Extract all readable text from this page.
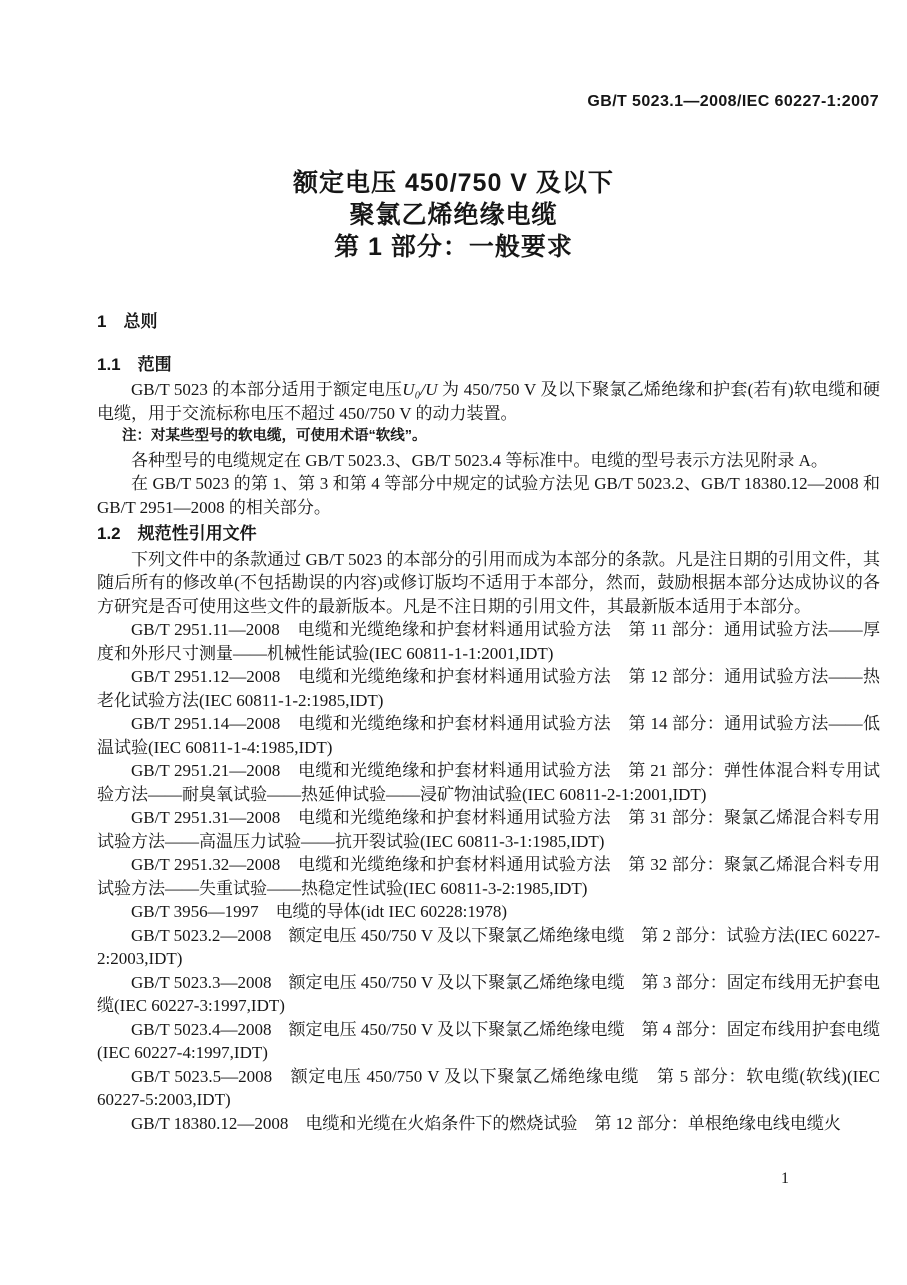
GB/T 5023.1—2008/IEC 60227-1:2007
额定电压 450/750 V 及以下
聚氯乙烯绝缘电缆
第 1 部分：一般要求

1　总则

1.1　范围

GB/T 5023 的本部分适用于额定电压U₀/U 为 450/750 V 及以下聚氯乙烯绝缘和护套(若有)软电缆和硬电缆，用于交流标称电压不超过 450/750 V 的动力装置。

注：对某些型号的软电缆，可使用术语“软线”。

各种型号的电缆规定在 GB/T 5023.3、GB/T 5023.4 等标准中。电缆的型号表示方法见附录 A。

在 GB/T 5023 的第 1、第 3 和第 4 等部分中规定的试验方法见 GB/T 5023.2、GB/T 18380.12—2008 和 GB/T 2951—2008 的相关部分。

1.2　规范性引用文件

下列文件中的条款通过 GB/T 5023 的本部分的引用而成为本部分的条款。凡是注日期的引用文件，其随后所有的修改单(不包括勘误的内容)或修订版均不适用于本部分，然而，鼓励根据本部分达成协议的各方研究是否可使用这些文件的最新版本。凡是不注日期的引用文件，其最新版本适用于本部分。

GB/T 2951.11—2008　电缆和光缆绝缘和护套材料通用试验方法　第 11 部分：通用试验方法——厚度和外形尺寸测量——机械性能试验(IEC 60811-1-1:2001,IDT)

GB/T 2951.12—2008　电缆和光缆绝缘和护套材料通用试验方法　第 12 部分：通用试验方法——热老化试验方法(IEC 60811-1-2:1985,IDT)

GB/T 2951.14—2008　电缆和光缆绝缘和护套材料通用试验方法　第 14 部分：通用试验方法——低温试验(IEC 60811-1-4:1985,IDT)

GB/T 2951.21—2008　电缆和光缆绝缘和护套材料通用试验方法　第 21 部分：弹性体混合料专用试验方法——耐臭氧试验——热延伸试验——浸矿物油试验(IEC 60811-2-1:2001,IDT)

GB/T 2951.31—2008　电缆和光缆绝缘和护套材料通用试验方法　第 31 部分：聚氯乙烯混合料专用试验方法——高温压力试验——抗开裂试验(IEC 60811-3-1:1985,IDT)

GB/T 2951.32—2008　电缆和光缆绝缘和护套材料通用试验方法　第 32 部分：聚氯乙烯混合料专用试验方法——失重试验——热稳定性试验(IEC 60811-3-2:1985,IDT)

GB/T 3956—1997　电缆的导体(idt IEC 60228:1978)

GB/T 5023.2—2008　额定电压 450/750 V 及以下聚氯乙烯绝缘电缆　第 2 部分：试验方法(IEC 60227-2:2003,IDT)

GB/T 5023.3—2008　额定电压 450/750 V 及以下聚氯乙烯绝缘电缆　第 3 部分：固定布线用无护套电缆(IEC 60227-3:1997,IDT)

GB/T 5023.4—2008　额定电压 450/750 V 及以下聚氯乙烯绝缘电缆　第 4 部分：固定布线用护套电缆(IEC 60227-4:1997,IDT)

GB/T 5023.5—2008　额定电压 450/750 V 及以下聚氯乙烯绝缘电缆　第 5 部分：软电缆(软线)(IEC 60227-5:2003,IDT)

GB/T 18380.12—2008　电缆和光缆在火焰条件下的燃烧试验　第 12 部分：单根绝缘电线电缆火

1
